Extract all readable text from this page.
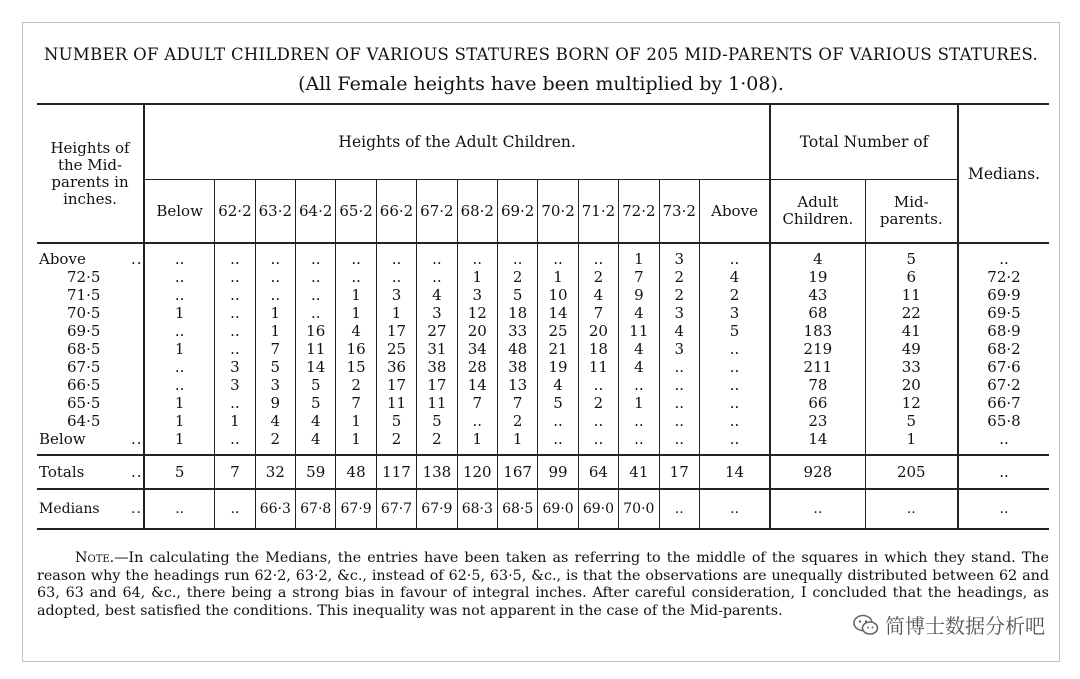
NUMBER OF ADULT CHILDREN OF VARIOUS STATURES BORN OF 205 MID-PARENTS OF VARIOUS STATURES.
(All Female heights have been multiplied by 1·08).
Heights of the Mid-parents in inches.	Heights of the Adult Children.														Total Number of		Medians.
	Below	62·2	63·2	64·2	65·2	66·2	67·2	68·2	69·2	70·2	71·2	72·2	73·2	Above	Adult Children.	Mid-parents.	
Above ..	..	..	..	..	..	..	..	..	..	..	..	1	3	..	4	5	..
72·5	..	..	..	..	..	..	..	1	2	1	2	7	2	4	19	6	72·2
71·5	..	..	..	..	1	3	4	3	5	10	4	9	2	2	43	11	69·9
70·5	1	..	1	..	1	1	3	12	18	14	7	4	3	3	68	22	69·5
69·5	..	..	1	16	4	17	27	20	33	25	20	11	4	5	183	41	68·9
68·5	1	..	7	11	16	25	31	34	48	21	18	4	3	..	219	49	68·2
67·5	..	3	5	14	15	36	38	28	38	19	11	4	..	..	211	33	67·6
66·5	..	3	3	5	2	17	17	14	13	4	..	..	..	..	78	20	67·2
65·5	1	..	9	5	7	11	11	7	7	5	2	1	..	..	66	12	66·7
64·5	1	1	4	4	1	5	5	..	2	..	..	..	..	..	23	5	65·8
Below ..	1	..	2	4	1	2	2	1	1	..	..	..	..	..	14	1	..
Totals ..	5	7	32	59	48	117	138	120	167	99	64	41	17	14	928	205	..
Medians ..	..	..	66·3	67·8	67·9	67·7	67·9	68·3	68·5	69·0	69·0	70·0	..	..	..	..	..
Note.—In calculating the Medians, the entries have been taken as referring to the middle of the squares in which they stand. The reason why the headings run 62·2, 63·2, &c., instead of 62·5, 63·5, &c., is that the observations are unequally distributed between 62 and 63, 63 and 64, &c., there being a strong bias in favour of integral inches. After careful consideration, I concluded that the headings, as adopted, best satisfied the conditions. This inequality was not apparent in the case of the Mid-parents.
简博士数据分析吧
